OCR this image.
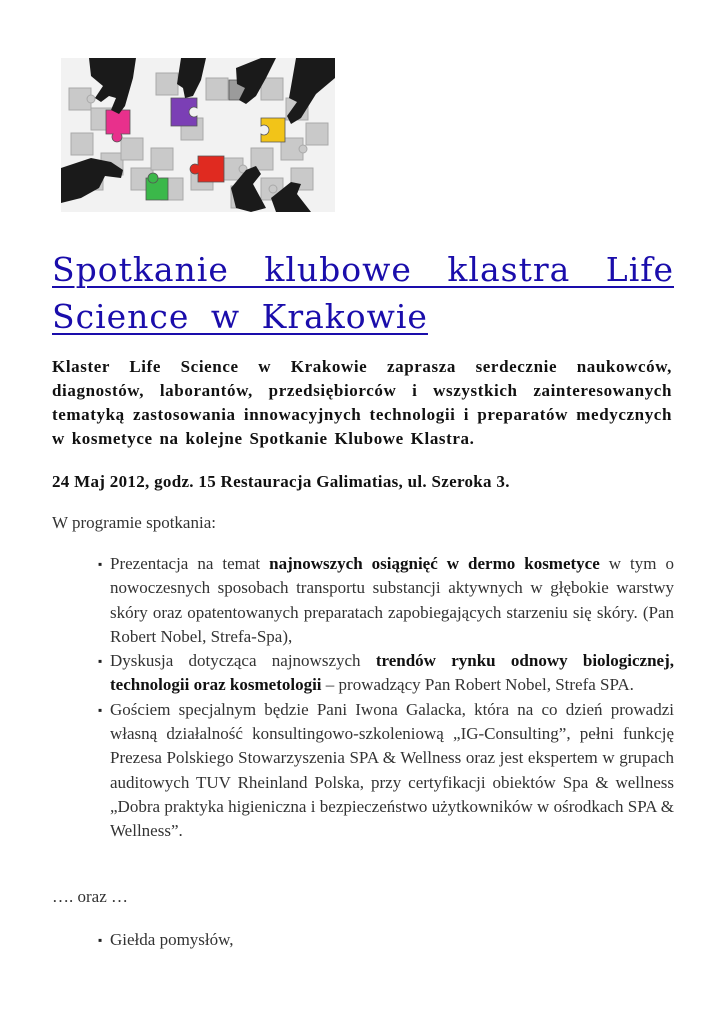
Spotkanie klubowe klastra Life Science w Krakowie

Klaster Life Science w Krakowie zaprasza serdecznie naukowców, diagnostów, laborantów, przedsiębiorców i wszystkich zainteresowanych tematyką zastosowania innowacyjnych technologii i preparatów medycznych w kosmetyce na kolejne Spotkanie Klubowe Klastra.

24 Maj 2012, godz. 15 Restauracja Galimatias, ul. Szeroka 3.

W programie spotkania:

▪ Prezentacja na temat najnowszych osiągnięć w dermo kosmetyce w tym o nowoczesnych sposobach transportu substancji aktywnych w głębokie warstwy skóry oraz opatentowanych preparatach zapobiegających starzeniu się skóry. (Pan Robert Nobel, Strefa-Spa),
▪ Dyskusja dotycząca najnowszych trendów rynku odnowy biologicznej, technologii oraz kosmetologii – prowadzący Pan Robert Nobel, Strefa SPA.
▪ Gościem specjalnym będzie Pani Iwona Galacka, która na co dzień prowadzi własną działalność konsultingowo-szkoleniową „IG-Consulting”, pełni funkcję Prezesa Polskiego Stowarzyszenia SPA & Wellness oraz jest ekspertem w grupach auditowych TUV Rheinland Polska, przy certyfikacji obiektów Spa & wellness „Dobra praktyka higieniczna i bezpieczeństwo użytkowników w ośrodkach SPA & Wellness”.

…. oraz …

▪ Giełda pomysłów,
